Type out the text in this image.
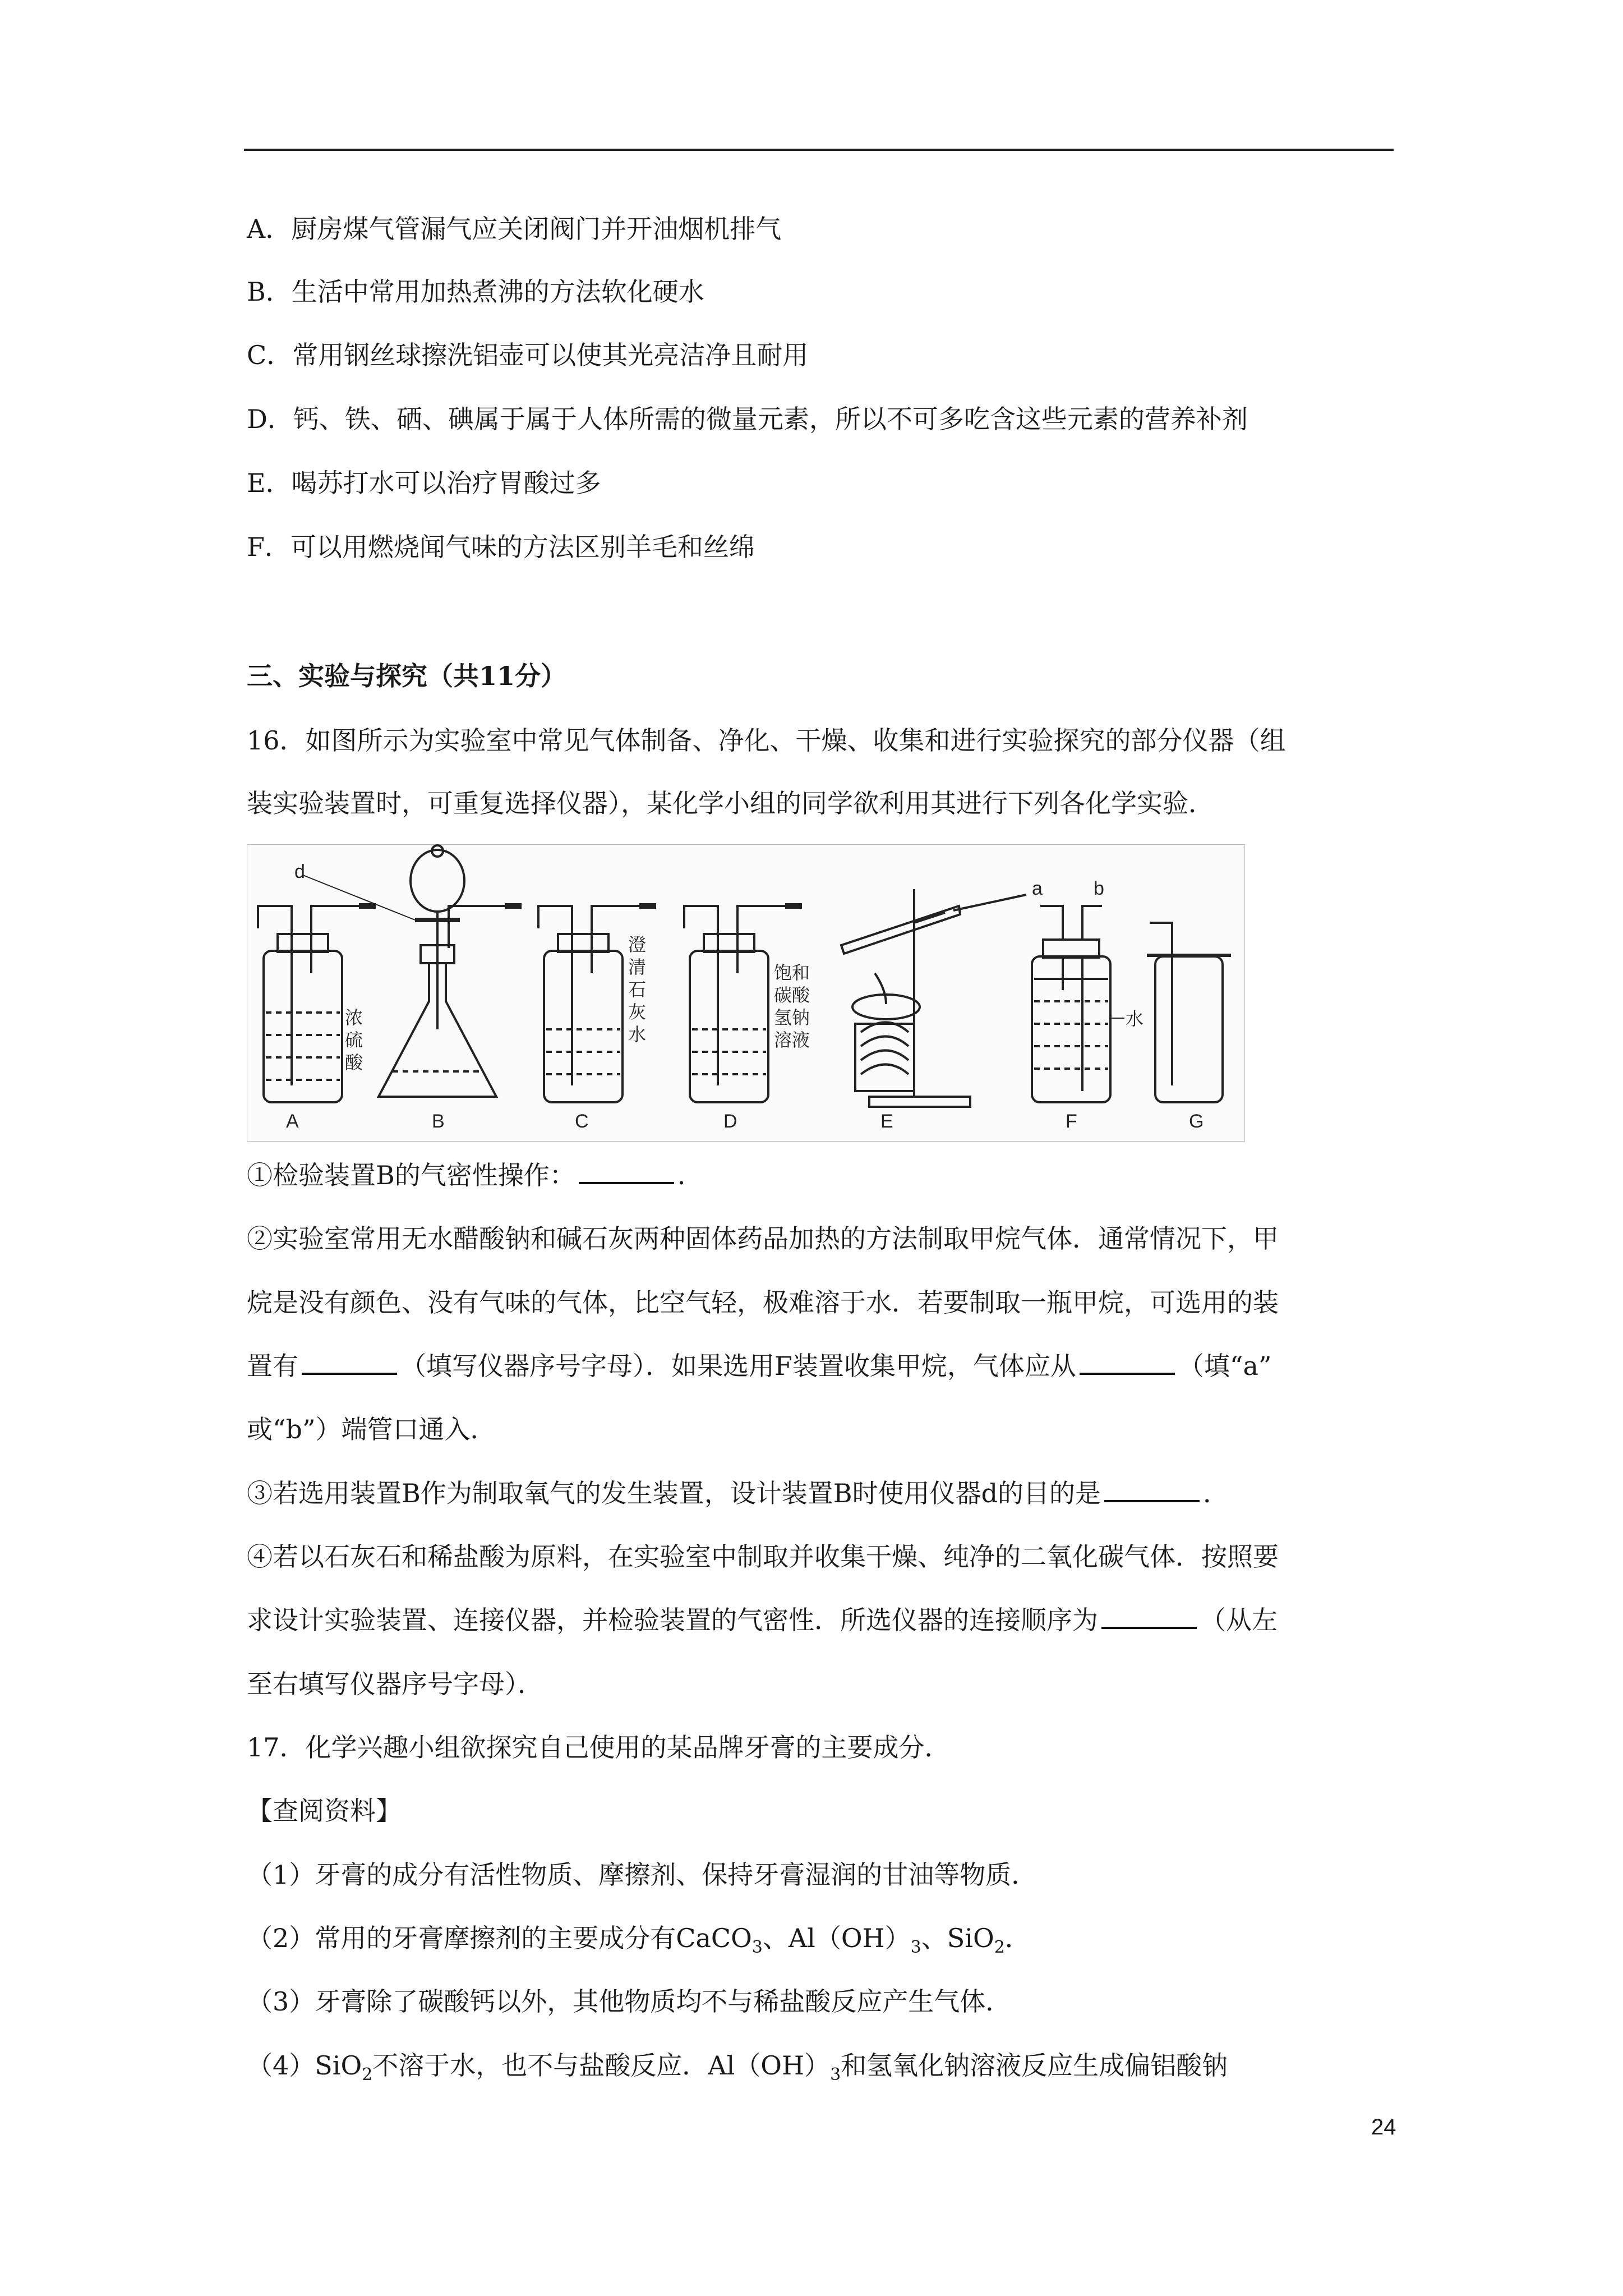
A．厨房煤气管漏气应关闭阀门并开油烟机排气
B．生活中常用加热煮沸的方法软化硬水
C．常用钢丝球擦洗铝壶可以使其光亮洁净且耐用
D．钙、铁、硒、碘属于属于人体所需的微量元素，所以不可多吃含这些元素的营养补剂
E．喝苏打水可以治疗胃酸过多
F．可以用燃烧闻气味的方法区别羊毛和丝绵
三、实验与探究（共11分）
16．如图所示为实验室中常见气体制备、净化、干燥、收集和进行实验探究的部分仪器（组
装实验装置时，可重复选择仪器），某化学小组的同学欲利用其进行下列各化学实验．
A	B	C	D	E	F	G
d
a	b
浓
硫
酸
澄
清
石
灰
水
饱和
碳酸
氢钠
溶液
水
①检验装置B的气密性操作：	．
②实验室常用无水醋酸钠和碱石灰两种固体药品加热的方法制取甲烷气体．通常情况下，甲
烷是没有颜色、没有气味的气体，比空气轻，极难溶于水．若要制取一瓶甲烷，可选用的装
置有	（填写仪器序号字母）．如果选用F装置收集甲烷，气体应从	（填“a”
或“b”）端管口通入．
③若选用装置B作为制取氧气的发生装置，设计装置B时使用仪器d的目的是	．
④若以石灰石和稀盐酸为原料，在实验室中制取并收集干燥、纯净的二氧化碳气体．按照要
求设计实验装置、连接仪器，并检验装置的气密性．所选仪器的连接顺序为	（从左
至右填写仪器序号字母）．
17．化学兴趣小组欲探究自己使用的某品牌牙膏的主要成分．
【查阅资料】
（1）牙膏的成分有活性物质、摩擦剂、保持牙膏湿润的甘油等物质．
（2）常用的牙膏摩擦剂的主要成分有CaCO$_3$、$Al(OH)_3$、SiO$_2$．
（3）牙膏除了碳酸钙以外，其他物质均不与稀盐酸反应产生气体．
（4）SiO$_2$不溶于水，也不与盐酸反应．$Al(OH)_3$和氢氧化钠溶液反应生成偏铝酸钠
24
